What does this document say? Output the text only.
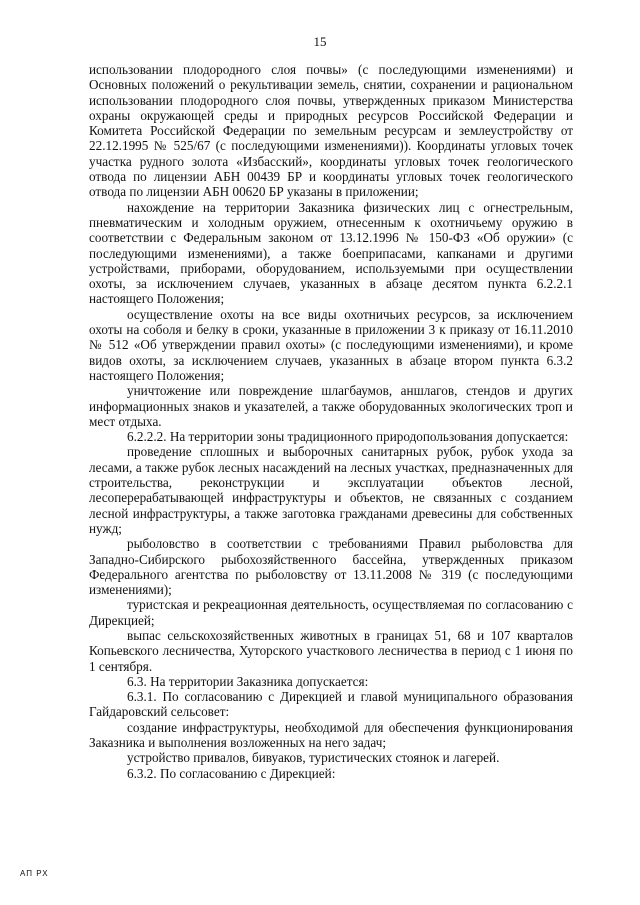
15

использовании плодородного слоя почвы» (с последующими изменениями) и Основных положений о рекультивации земель, снятии, сохранении и рациональном использовании плодородного слоя почвы, утвержденных приказом Министерства охраны окружающей среды и природных ресурсов Российской Федерации и Комитета Российской Федерации по земельным ресурсам и землеустройству от 22.12.1995 № 525/67 (с последующими изменениями)). Координаты угловых точек участка рудного золота «Избасский», координаты угловых точек геологического отвода по лицензии АБН 00439 БР и координаты угловых точек геологического отвода по лицензии АБН 00620 БР указаны в приложении;

нахождение на территории Заказника физических лиц с огнестрельным, пневматическим и холодным оружием, отнесенным к охотничьему оружию в соответствии с Федеральным законом от 13.12.1996 № 150-ФЗ «Об оружии» (с последующими изменениями), а также боеприпасами, капканами и другими устройствами, приборами, оборудованием, используемыми при осуществлении охоты, за исключением случаев, указанных в абзаце десятом пункта 6.2.2.1 настоящего Положения;

осуществление охоты на все виды охотничьих ресурсов, за исключением охоты на соболя и белку в сроки, указанные в приложении 3 к приказу от 16.11.2010 № 512 «Об утверждении правил охоты» (с последующими изменениями), и кроме видов охоты, за исключением случаев, указанных в абзаце втором пункта 6.3.2 настоящего Положения;

уничтожение или повреждение шлагбаумов, аншлагов, стендов и других информационных знаков и указателей, а также оборудованных экологических троп и мест отдыха.

6.2.2.2. На территории зоны традиционного природопользования допускается:

проведение сплошных и выборочных санитарных рубок, рубок ухода за лесами, а также рубок лесных насаждений на лесных участках, предназначенных для строительства, реконструкции и эксплуатации объектов лесной, лесоперерабатывающей инфраструктуры и объектов, не связанных с созданием лесной инфраструктуры, а также заготовка гражданами древесины для собственных нужд;

рыболовство в соответствии с требованиями Правил рыболовства для Западно-Сибирского рыбохозяйственного бассейна, утвержденных приказом Федерального агентства по рыболовству от 13.11.2008 № 319 (с последующими изменениями);

туристская и рекреационная деятельность, осуществляемая по согласованию с Дирекцией;

выпас сельскохозяйственных животных в границах 51, 68 и 107 кварталов Копьевского лесничества, Хуторского участкового лесничества в период с 1 июня по 1 сентября.

6.3. На территории Заказника допускается:

6.3.1. По согласованию с Дирекцией и главой муниципального образования Гайдаровский сельсовет:

создание инфраструктуры, необходимой для обеспечения функционирования Заказника и выполнения возложенных на него задач;

устройство привалов, бивуаков, туристических стоянок и лагерей.

6.3.2. По согласованию с Дирекцией:

АП РХ
